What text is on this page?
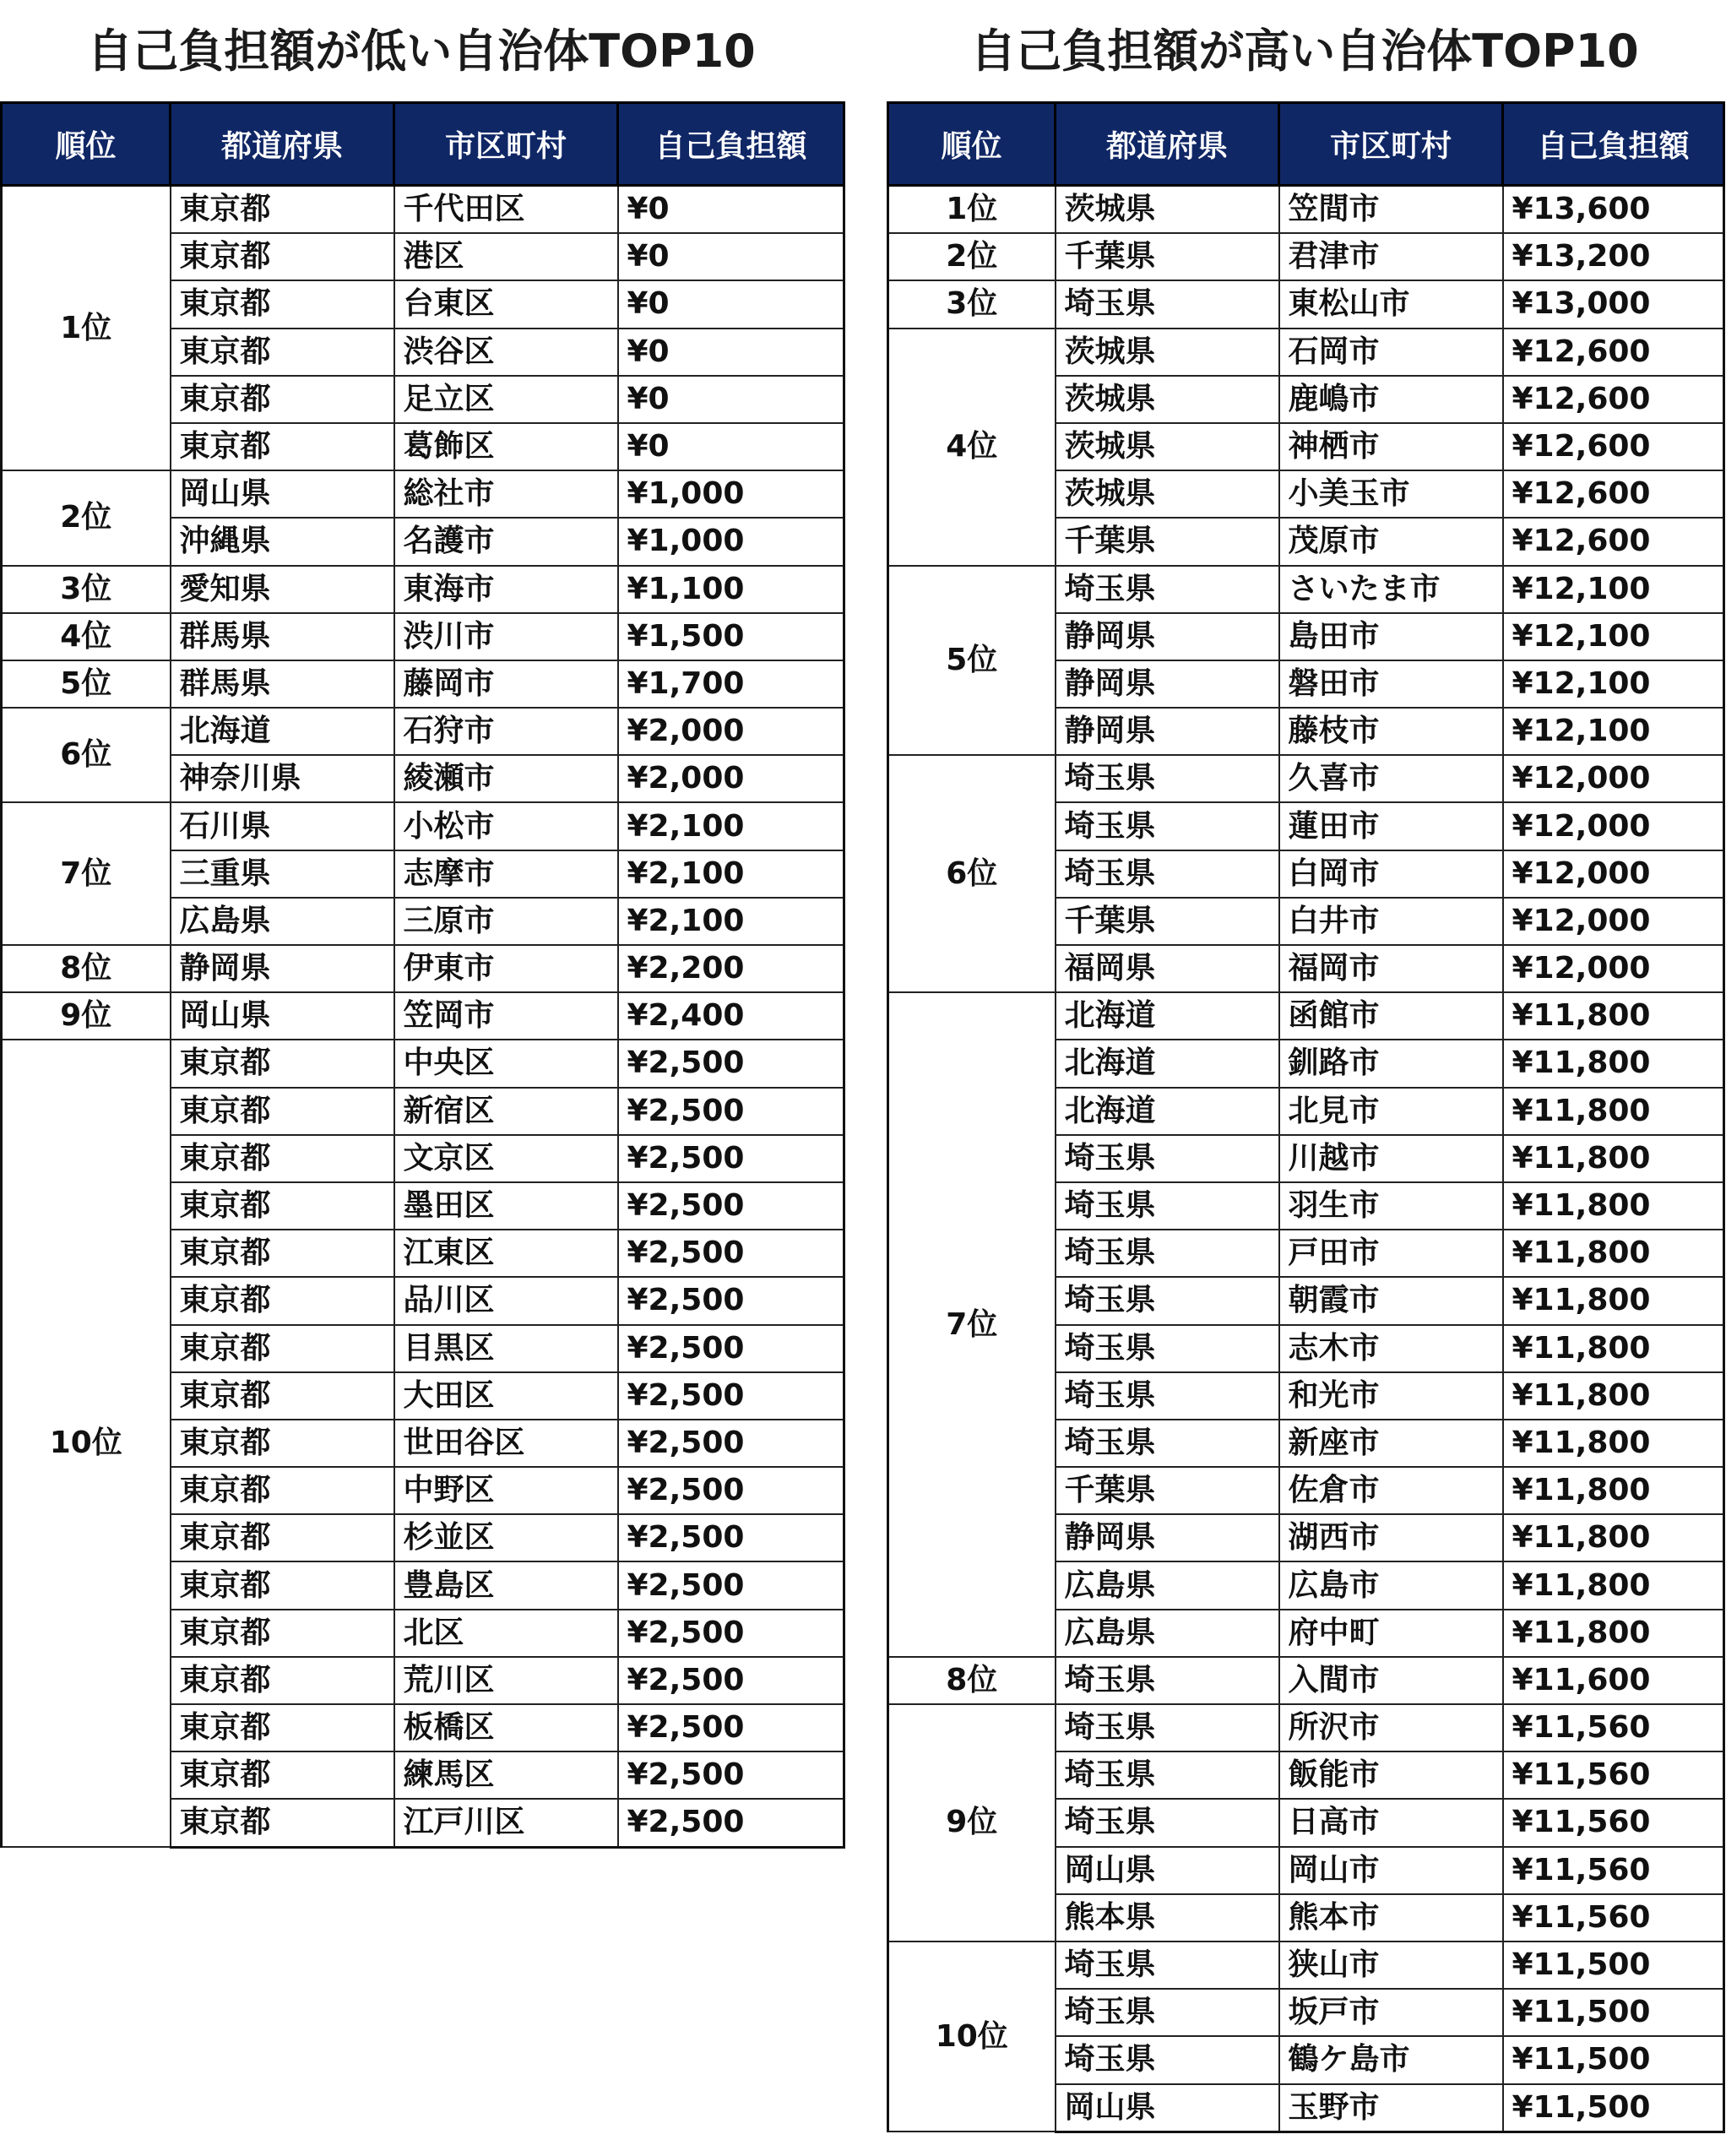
自己負担額が低い自治体TOP10
順位	都道府県	市区町村	自己負担額
1位	東京都	千代田区	¥0
	東京都	港区	¥0
	東京都	台東区	¥0
	東京都	渋谷区	¥0
	東京都	足立区	¥0
	東京都	葛飾区	¥0
2位	岡山県	総社市	¥1,000
	沖縄県	名護市	¥1,000
3位	愛知県	東海市	¥1,100
4位	群馬県	渋川市	¥1,500
5位	群馬県	藤岡市	¥1,700
6位	北海道	石狩市	¥2,000
	神奈川県	綾瀬市	¥2,000
7位	石川県	小松市	¥2,100
	三重県	志摩市	¥2,100
	広島県	三原市	¥2,100
8位	静岡県	伊東市	¥2,200
9位	岡山県	笠岡市	¥2,400
10位	東京都	中央区	¥2,500
	東京都	新宿区	¥2,500
	東京都	文京区	¥2,500
	東京都	墨田区	¥2,500
	東京都	江東区	¥2,500
	東京都	品川区	¥2,500
	東京都	目黒区	¥2,500
	東京都	大田区	¥2,500
	東京都	世田谷区	¥2,500
	東京都	中野区	¥2,500
	東京都	杉並区	¥2,500
	東京都	豊島区	¥2,500
	東京都	北区	¥2,500
	東京都	荒川区	¥2,500
	東京都	板橋区	¥2,500
	東京都	練馬区	¥2,500
	東京都	江戸川区	¥2,500
自己負担額が高い自治体TOP10
順位	都道府県	市区町村	自己負担額
1位	茨城県	笠間市	¥13,600
2位	千葉県	君津市	¥13,200
3位	埼玉県	東松山市	¥13,000
4位	茨城県	石岡市	¥12,600
	茨城県	鹿嶋市	¥12,600
	茨城県	神栖市	¥12,600
	茨城県	小美玉市	¥12,600
	千葉県	茂原市	¥12,600
5位	埼玉県	さいたま市	¥12,100
	静岡県	島田市	¥12,100
	静岡県	磐田市	¥12,100
	静岡県	藤枝市	¥12,100
6位	埼玉県	久喜市	¥12,000
	埼玉県	蓮田市	¥12,000
	埼玉県	白岡市	¥12,000
	千葉県	白井市	¥12,000
	福岡県	福岡市	¥12,000
7位	北海道	函館市	¥11,800
	北海道	釧路市	¥11,800
	北海道	北見市	¥11,800
	埼玉県	川越市	¥11,800
	埼玉県	羽生市	¥11,800
	埼玉県	戸田市	¥11,800
	埼玉県	朝霞市	¥11,800
	埼玉県	志木市	¥11,800
	埼玉県	和光市	¥11,800
	埼玉県	新座市	¥11,800
	千葉県	佐倉市	¥11,800
	静岡県	湖西市	¥11,800
	広島県	広島市	¥11,800
	広島県	府中町	¥11,800
8位	埼玉県	入間市	¥11,600
9位	埼玉県	所沢市	¥11,560
	埼玉県	飯能市	¥11,560
	埼玉県	日高市	¥11,560
	岡山県	岡山市	¥11,560
	熊本県	熊本市	¥11,560
10位	埼玉県	狭山市	¥11,500
	埼玉県	坂戸市	¥11,500
	埼玉県	鶴ケ島市	¥11,500
	岡山県	玉野市	¥11,500
